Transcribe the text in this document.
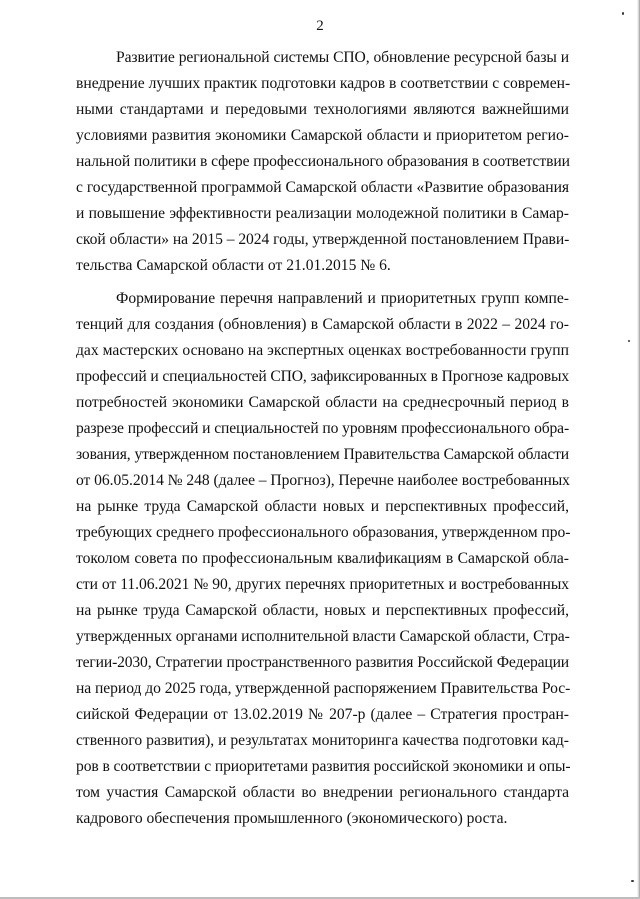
2
Развитие региональной системы СПО, обновление ресурсной базы и
внедрение лучших практик подготовки кадров в соответствии с современ-
ными стандартами и передовыми технологиями являются важнейшими
условиями развития экономики Самарской области и приоритетом регио-
нальной политики в сфере профессионального образования в соответствии
с государственной программой Самарской области «Развитие образования
и повышение эффективности реализации молодежной политики в Самар-
ской области» на 2015 – 2024 годы, утвержденной постановлением Прави-
тельства Самарской области от 21.01.2015 № 6.
Формирование перечня направлений и приоритетных групп компе-
тенций для создания (обновления) в Самарской области в 2022 – 2024 го-
дах мастерских основано на экспертных оценках востребованности групп
профессий и специальностей СПО, зафиксированных в Прогнозе кадровых
потребностей экономики Самарской области на среднесрочный период в
разрезе профессий и специальностей по уровням профессионального обра-
зования, утвержденном постановлением Правительства Самарской области
от 06.05.2014 № 248 (далее – Прогноз), Перечне наиболее востребованных
на рынке труда Самарской области новых и перспективных профессий,
требующих среднего профессионального образования, утвержденном про-
токолом совета по профессиональным квалификациям в Самарской обла-
сти от 11.06.2021 № 90, других перечнях приоритетных и востребованных
на рынке труда Самарской области, новых и перспективных профессий,
утвержденных органами исполнительной власти Самарской области, Стра-
тегии-2030, Стратегии пространственного развития Российской Федерации
на период до 2025 года, утвержденной распоряжением Правительства Рос-
сийской Федерации от 13.02.2019 № 207-р (далее – Стратегия простран-
ственного развития), и результатах мониторинга качества подготовки кад-
ров в соответствии с приоритетами развития российской экономики и опы-
том участия Самарской области во внедрении регионального стандарта
кадрового обеспечения промышленного (экономического) роста.
